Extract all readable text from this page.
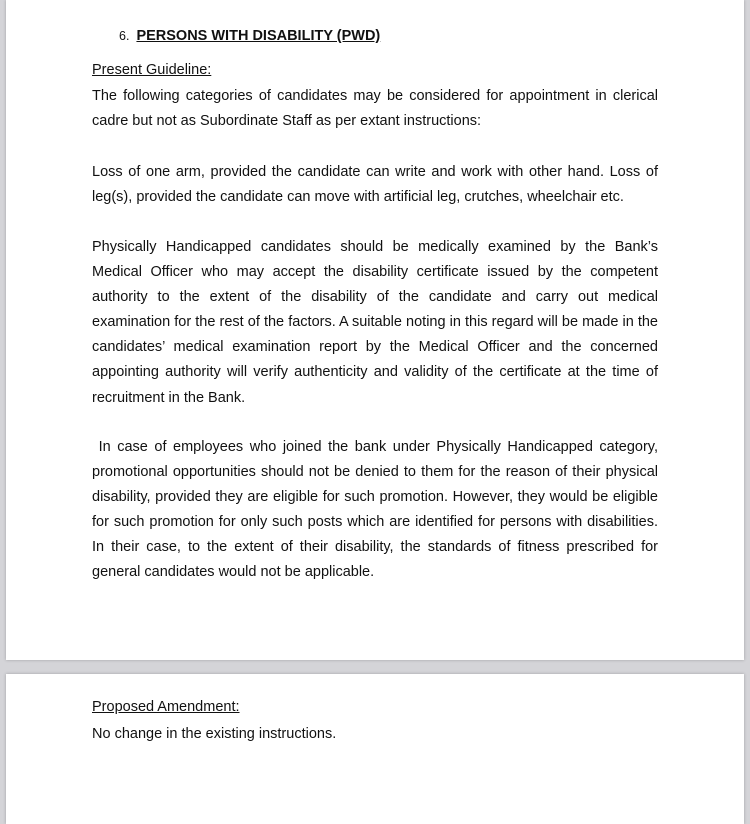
6. PERSONS WITH DISABILITY (PWD)
Present Guideline:

The following categories of candidates may be considered for appointment in clerical cadre but not as Subordinate Staff as per extant instructions:

Loss of one arm, provided the candidate can write and work with other hand. Loss of leg(s), provided the candidate can move with artificial leg, crutches, wheelchair etc.

Physically Handicapped candidates should be medically examined by the Bank’s Medical Officer who may accept the disability certificate issued by the competent authority to the extent of the disability of the candidate and carry out medical examination for the rest of the factors. A suitable noting in this regard will be made in the candidates’ medical examination report by the Medical Officer and the concerned appointing authority will verify authenticity and validity of the certificate at the time of recruitment in the Bank.

In case of employees who joined the bank under Physically Handicapped category, promotional opportunities should not be denied to them for the reason of their physical disability, provided they are eligible for such promotion. However, they would be eligible for such promotion for only such posts which are identified for persons with disabilities. In their case, to the extent of their disability, the standards of fitness prescribed for general candidates would not be applicable.

Proposed Amendment:
No change in the existing instructions.
